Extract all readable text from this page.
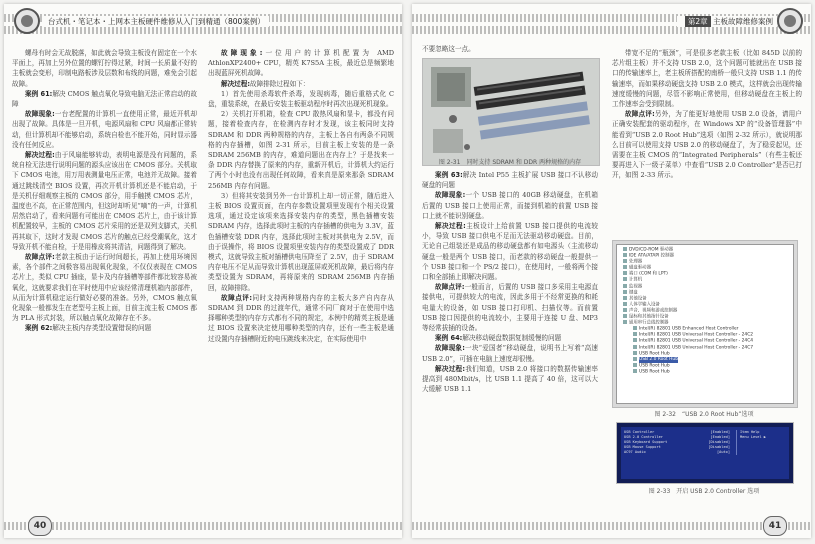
台式机・笔记本・上网本主板硬件维修从入门到精通（800案例）

螺母有时会无故脱落，如此就会导致主板没有固定在一个水平面上，再加上另外位置的螺钉拧得过紧，时间一长质量不好的主板就会变形，印制电路板涉及层数和布线的问题，难免会引起故障。

案例 61:解决 CMOS 触点氧化导致电脑无法正常启动的故障

故障现象:一台老配置的计算机一直使用正常，最近开机却出现了故障。具体是一旦开机，电源风扇和 CPU 风扇都正常转动，但计算机却不能够启动，系统自检也不能开始，同时显示器没有任何反应。

解决过程:由于风扇能够转动，表明电源是没有问题的，系统自检无法进行说明问题的源头应该出在 CMOS 部分。关机取下 CMOS 电池，用万用表测量电压正常，电池并无故障。接着通过跳线清空 BIOS 设置，再次开机计算机还是不能启动，于是关机仔细观察主板的 CMOS 部分，用手触摸 CMOS 芯片，温度也不高，在正常范围内，但这时却听见“嘀”的一声，计算机居然启动了，看来问题有可能出在 CMOS 芯片上，由于该计算机配置较早，主板的 CMOS 芯片采用的还是双列支脚式，关机再其取下，这时才发现 CMOS 芯片的触点已经受潮氧化，这才导致开机不能自检，于是用橡皮将其清洁，问题得到了解决。

故障点评:老款主板由于运行时间超长，再加上使用环境因素，各个部件之间极容易出现氧化现象，不仅仅表现在 CMOS 芯片上，类似 CPU 插座，显卡及内存插槽等部件都比较容易被氧化，这就要求我们在平时使用中应该经常清理机箱内部部件，从而为计算机稳定运行做好必要的准备。另外，CMOS 触点氧化现象一般都发生在老型号主板上面，目前主流主板 CMOS 都为 PLA 形式封装，所以触点氧化故障存在不多。

案例 62:解决主板内存类型设置错误的问题

故障现象:一位用户的计算机配置为 AMD AthlonXP2400+ CPU，精英 K7S5A 主板，最近总是频繁地出现蓝屏死机故障。

解决过程:故障排除过程如下：

1）首先使用杀毒软件杀毒，发现病毒，随后重格式化 C 盘，重装系统，在最后安装主板驱动程序时再次出现死机现象。

2）关机打开机箱，检查 CPU 散热风扇和显卡，都没有问题，接着检查内存，在检测内存时才发现，该主板同时支持 SDRAM 和 DDR 两种规格的内存，主板上各自有两条不同规格的内存插槽，如图 2-31 所示，目前主板上安装的是一条 SDRAM 256MB 的内存，难道问题出在内存上？于是找来一条 DDR 内存替换了原来的内存，重新开机后，计算机大约运行了两个小时也没有出现任何故障，看来真是原来那条 SDRAM 256MB 内存有问题。

3）但将其安装到另外一台计算机上却一切正常，随后进入主板 BIOS 设置页面，在内存参数设置项里发现有个相关设置选项，通过设定该项来选择安装内存的类型，黑色插槽安装 SDRAM 内存，选择此项时主板的内存插槽的供电为 3.3V，蓝色插槽安装 DDR 内存，选择此项时主板对其供电为 2.5V，而由于误操作，将 BIOS 设置项里安装内存的类型设置成了 DDR 模式，这就导致主板对插槽供电压降至了 2.5V，由于 SDRAM 内存电压不足从而导致计算机出现蓝屏或死机故障，最后将内存类型设置为 SDRAM，再将原来的 SDRAM 256MB 内存插回，故障排除。

故障点评:同时支持两种规格内存的主板大多产自内存从 SDRAM 到 DDR 的过渡年代，通常不同厂商对于在使用中选择哪种类型的内存方式都有不同的规定，本例中的精英主板是通过 BIOS 设置来决定使用哪种类型的内存，还有一些主板是通过设置内存插槽附近的电压跳线来决定，在实际使用中

40
第2章 主板故障维修案例
图 2-31　同时支持 SDRAM 和 DDR 两种规格的内存

案例 63:解决 Intel P55 主板扩展 USB 接口不认移动硬盘的问题

故障现象:一个 USB 接口的 40GB 移动硬盘，在机箱后置的 USB 接口上使用正常，而接到机箱的前置 USB 接口上就不能识别硬盘。

解决过程:主板设计上给前置 USB 接口提供的电流较小，导致 USB 接口供电不足而无法驱动移动硬盘。目前，无论自己组装还是成品的移动硬盘都有如电源头（主流移动硬盘一般是两个 USB 接口，而老款的移动硬盘一般提供一个 USB 接口和一个 PS/2 接口），在使用时，一般将两个接口和全部插上即解决问题。

故障点评:一般而言，后置的 USB 接口多采用主电源直接供电，可提供较大的电流，因此多用于不经常更换的和耗电量大的设备，如 USB 接口打印机、扫描仪等。而前置 USB 接口因提供的电流较小，主要用于连接 U 盘、MP3 等经常拔插的设备。

案例 64:解决移动硬盘数据复制缓慢的问题

故障现象:一块“爱国者”移动硬盘，说明书上写着“高速 USB 2.0”，可插在电脑上速度却很慢。

解决过程:我们知道，USB 2.0 将接口的数据传输速率提高到 480Mbit/s，比 USB 1.1 提高了 40 倍，这可以大大缓解 USB 1.1

带宽不足的“瓶颈”，可是很多老款主板（比如 845D 以前的芯片组主板）并不支持 USB 2.0，这个问题可能就出在 USB 接口的传输速率上，老主板所搭配的南桥一般只支持 USB 1.1 的传输速率，而如果移动硬盘支持 USB 2.0 模式，这样就会出现传输速度缓慢的问题，尽管不影响正常使用，但移动硬盘在主板上的工作速率会受到限制。

故障点评:另外，为了能更好地使用 USB 2.0 设备，请用户正确安装配套的驱动程序，在 Windows XP 的“设备管理器”中能看到“USB 2.0 Root Hub”选项（如图 2-32 所示），就说明那么目前可以使用支持 USB 2.0 的移动硬盘了，为了稳妥起见，还需要在主板 CMOS 的“Integrated Peripherals”（有些主板还要再进入下一级子菜单）中查看“USB 2.0 Controller”是否已打开，如图 2-33 所示。

DVD/CD-ROM 驱动器
IDE ATA/ATAPI 控制器
处理器
磁盘驱动器
端口 (COM 和 LPT)
计算机
监视器
键盘
其他设备
人体学输入设备
声音、视频和游戏控制器
鼠标和其他指针设备
通用串行总线控制器
Intel(R) 82801 USB Enhanced Host Controller
Intel(R) 82801 USB Universal Host Controller - 24C2
Intel(R) 82801 USB Universal Host Controller - 24C4
Intel(R) 82801 USB Universal Host Controller - 24C7
USB Root Hub
USB 2.0 Root Hub
USB Root Hub
USB Root Hub
图 2-32　“USB 2.0 Root Hub”选项
USB Controller	[Enabled]
USB 2.0 Controller	[Enabled]
USB Keyboard Support	[Disabled]
USB Mouse Support	[Disabled]
AC97 Audio	[Auto]
Item Help
Menu Level ▶
图 2-33　开启 USB 2.0 Controller 选项
41
不要忽略这一点。
